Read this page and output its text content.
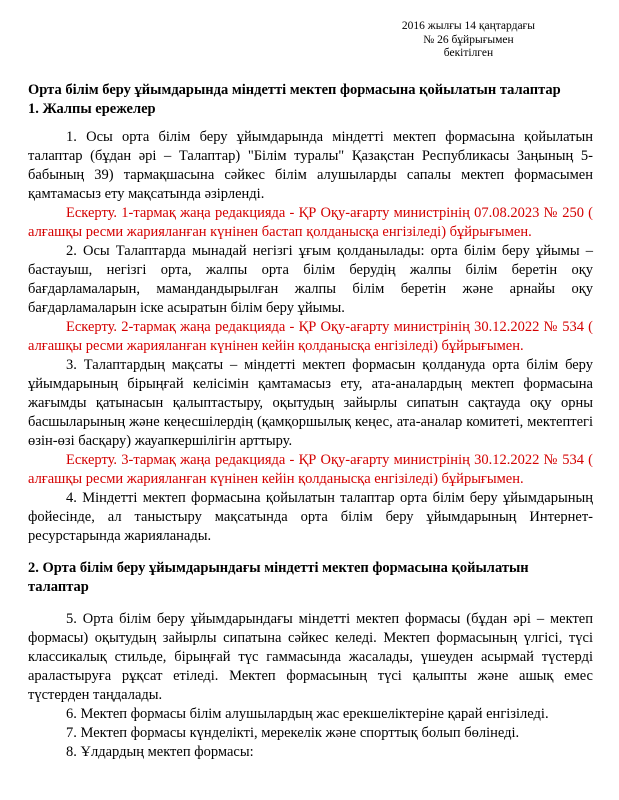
2016 жылғы 14 қаңтардағы
№ 26 бұйрығымен
бекітілген
Орта білім беру ұйымдарында міндетті мектеп формасына қойылатын талаптар
1. Жалпы ережелер

1. Осы орта білім беру ұйымдарында міндетті мектеп формасына қойылатын талаптар (бұдан әрі – Талаптар) "Білім туралы" Қазақстан Республикасы Заңының 5-бабының 39) тармақшасына сәйкес білім алушыларды сапалы мектеп формасымен қамтамасыз ету мақсатында әзірленді.

Ескерту. 1-тармақ жаңа редакцияда - ҚР Оқу-ағарту министрінің 07.08.2023 № 250 ( алғашқы ресми жарияланған күнінен бастап қолданысқа енгізіледі) бұйрығымен.

2. Осы Талаптарда мынадай негізгі ұғым қолданылады: орта білім беру ұйымы – бастауыш, негізгі орта, жалпы орта білім берудің жалпы білім беретін оқу бағдарламаларын, мамандандырылған жалпы білім беретін және арнайы оқу бағдарламаларын іске асыратын білім беру ұйымы.

Ескерту. 2-тармақ жаңа редакцияда - ҚР Оқу-ағарту министрінің 30.12.2022 № 534 ( алғашқы ресми жарияланған күнінен кейін қолданысқа енгізіледі) бұйрығымен.

3. Талаптардың мақсаты – міндетті мектеп формасын қолдануда орта білім беру ұйымдарының бірыңғай келісімін қамтамасыз ету, ата-аналардың мектеп формасына жағымды қатынасын қалыптастыру, оқытудың зайырлы сипатын сақтауда оқу орны басшыларының және кеңесшілердің (қамқоршылық кеңес, ата-аналар комитеті, мектептегі өзін-өзі басқару) жауапкершілігін арттыру.

Ескерту. 3-тармақ жаңа редакцияда - ҚР Оқу-ағарту министрінің 30.12.2022 № 534 ( алғашқы ресми жарияланған күнінен кейін қолданысқа енгізіледі) бұйрығымен.

4. Міндетті мектеп формасына қойылатын талаптар орта білім беру ұйымдарының фойесінде, ал таныстыру мақсатында орта білім беру ұйымдарының Интернет-ресурстарында жарияланады.

2. Орта білім беру ұйымдарындағы міндетті мектеп формасына қойылатын талаптар

5. Орта білім беру ұйымдарындағы міндетті мектеп формасы (бұдан әрі – мектеп формасы) оқытудың зайырлы сипатына сәйкес келеді. Мектеп формасының үлгісі, түсі классикалық стильде, бірыңғай түс гаммасында жасалады, үшеуден асырмай түстерді араластыруға рұқсат етіледі. Мектеп формасының түсі қалыпты және ашық емес түстерден таңдалады.

6. Мектеп формасы білім алушылардың жас ерекшеліктеріне қарай енгізіледі.

7. Мектеп формасы күнделікті, мерекелік және спорттық болып бөлінеді.

8. Ұлдардың мектеп формасы:
